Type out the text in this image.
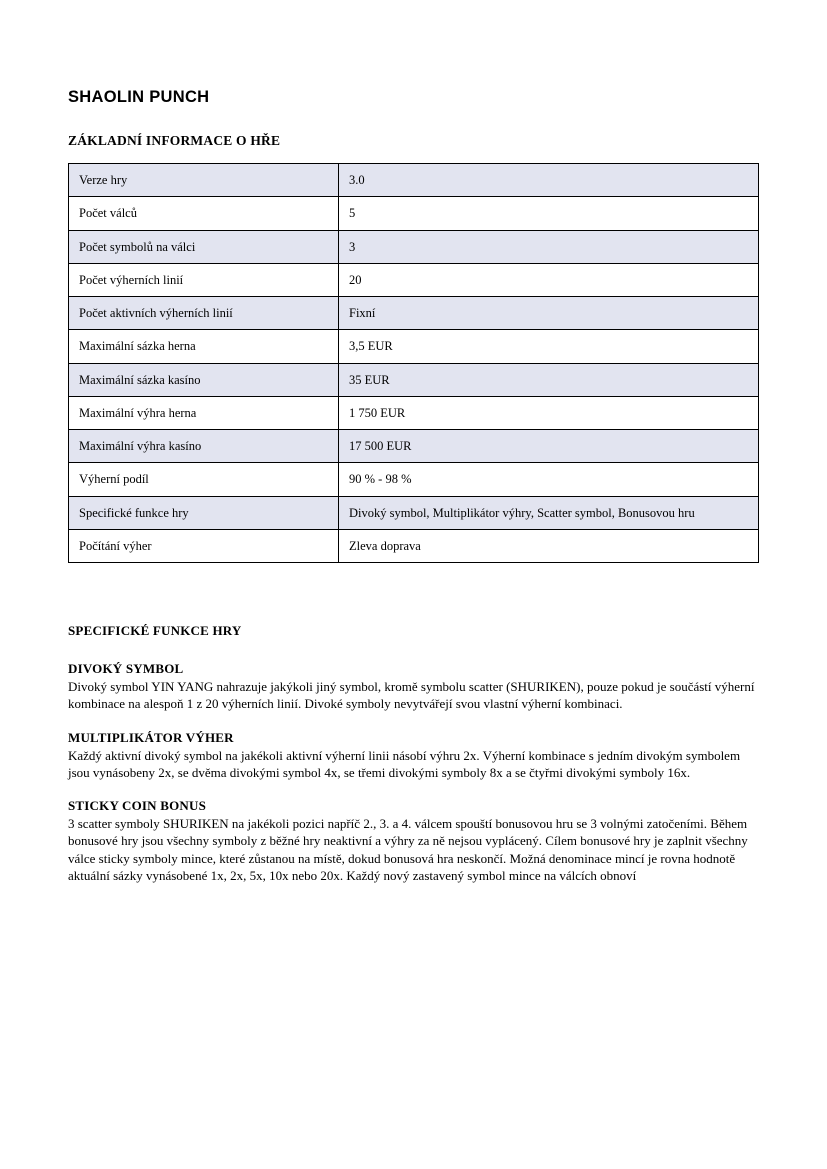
SHAOLIN PUNCH
ZÁKLADNÍ INFORMACE O HŘE
Verze hry	3.0
Počet válců	5
Počet symbolů na válci	3
Počet výherních linií	20
Počet aktivních výherních linií	Fixní
Maximální sázka herna	3,5 EUR
Maximální sázka kasíno	35 EUR
Maximální výhra herna	1 750 EUR
Maximální výhra kasíno	17 500 EUR
Výherní podíl	90 % - 98 %
Specifické funkce hry	Divoký symbol, Multiplikátor výhry, Scatter symbol, Bonusovou hru
Počítání výher	Zleva doprava
SPECIFICKÉ FUNKCE HRY
DIVOKÝ SYMBOL

Divoký symbol YIN YANG nahrazuje jakýkoli jiný symbol, kromě symbolu scatter (SHURIKEN), pouze pokud je součástí výherní kombinace na alespoň 1 z 20 výherních linií. Divoké symboly nevytvářejí svou vlastní výherní kombinaci.

MULTIPLIKÁTOR VÝHER

Každý aktivní divoký symbol na jakékoli aktivní výherní linii násobí výhru 2x. Výherní kombinace s jedním divokým symbolem jsou vynásobeny 2x, se dvěma divokými symbol 4x, se třemi divokými symboly 8x a se čtyřmi divokými symboly 16x.

STICKY COIN BONUS

3 scatter symboly SHURIKEN na jakékoli pozici napříč 2., 3. a 4. válcem spouští bonusovou hru se 3 volnými zatočeními. Během bonusové hry jsou všechny symboly z běžné hry neaktivní a výhry za ně nejsou vyplácený. Cílem bonusové hry je zaplnit všechny válce sticky symboly mince, které zůstanou na místě, dokud bonusová hra neskončí. Možná denominace mincí je rovna hodnotě aktuální sázky vynásobené 1x, 2x, 5x, 10x nebo 20x. Každý nový zastavený symbol mince na válcích obnoví
